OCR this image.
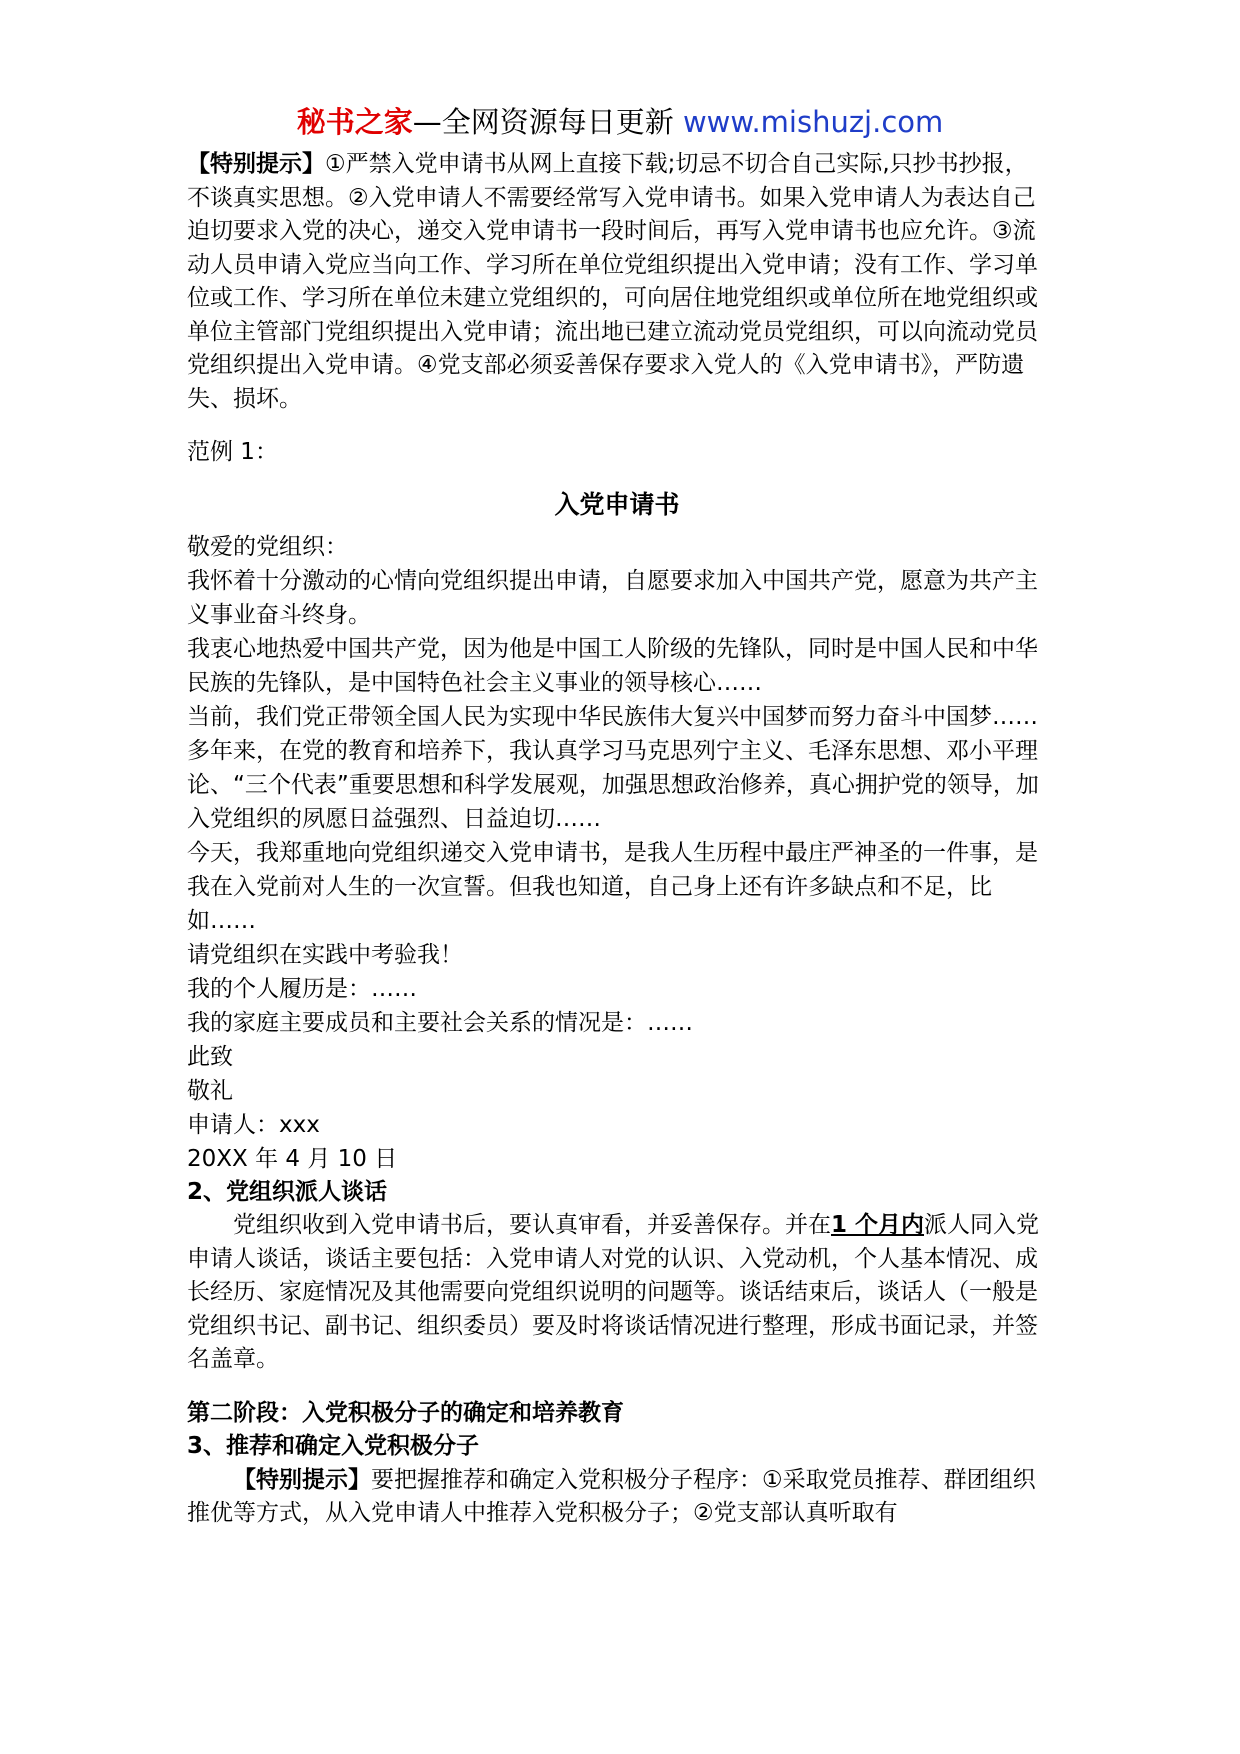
秘书之家—全网资源每日更新 www.mishuzj.com

【特别提示】①严禁入党申请书从网上直接下载;切忌不切合自己实际,只抄书抄报，不谈真实思想。②入党申请人不需要经常写入党申请书。如果入党申请人为表达自己迫切要求入党的决心，递交入党申请书一段时间后，再写入党申请书也应允许。③流动人员申请入党应当向工作、学习所在单位党组织提出入党申请；没有工作、学习单位或工作、学习所在单位未建立党组织的，可向居住地党组织或单位所在地党组织或单位主管部门党组织提出入党申请；流出地已建立流动党员党组织，可以向流动党员党组织提出入党申请。④党支部必须妥善保存要求入党人的《入党申请书》，严防遗失、损坏。

范例 1：

入党申请书

敬爱的党组织：

我怀着十分激动的心情向党组织提出申请，自愿要求加入中国共产党，愿意为共产主义事业奋斗终身。

我衷心地热爱中国共产党，因为他是中国工人阶级的先锋队，同时是中国人民和中华民族的先锋队，是中国特色社会主义事业的领导核心……

当前，我们党正带领全国人民为实现中华民族伟大复兴中国梦而努力奋斗中国梦……

多年来，在党的教育和培养下，我认真学习马克思列宁主义、毛泽东思想、邓小平理论、“三个代表”重要思想和科学发展观，加强思想政治修养，真心拥护党的领导，加入党组织的夙愿日益强烈、日益迫切……

今天，我郑重地向党组织递交入党申请书，是我人生历程中最庄严神圣的一件事，是我在入党前对人生的一次宣誓。但我也知道，自己身上还有许多缺点和不足，比如……

请党组织在实践中考验我！

我的个人履历是：……

我的家庭主要成员和主要社会关系的情况是：……

此致

敬礼

申请人：xxx

20XX 年 4 月 10 日

2、党组织派人谈话

党组织收到入党申请书后，要认真审看，并妥善保存。并在1 个月内派人同入党申请人谈话，谈话主要包括：入党申请人对党的认识、入党动机，个人基本情况、成长经历、家庭情况及其他需要向党组织说明的问题等。谈话结束后，谈话人（一般是党组织书记、副书记、组织委员）要及时将谈话情况进行整理，形成书面记录，并签名盖章。

第二阶段：入党积极分子的确定和培养教育

3、推荐和确定入党积极分子

【特别提示】要把握推荐和确定入党积极分子程序：①采取党员推荐、群团组织推优等方式，从入党申请人中推荐入党积极分子；②党支部认真听取有
